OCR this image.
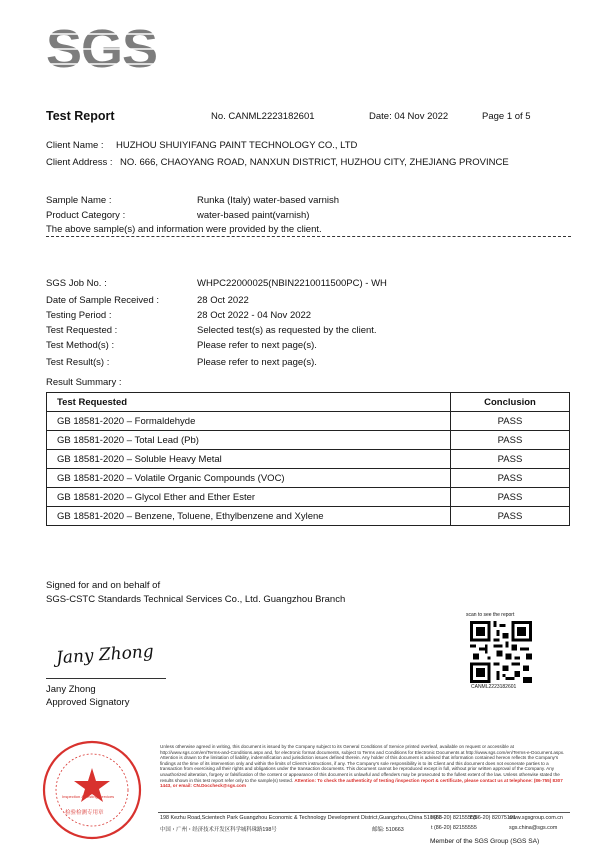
SGS
Test Report	No. CANML2223182601	Date: 04 Nov 2022	Page 1 of 5
Client Name : HUZHOU SHUIYIFANG PAINT TECHNOLOGY CO., LTD
Client Address : NO. 666, CHAOYANG ROAD, NANXUN DISTRICT, HUZHOU CITY, ZHEJIANG PROVINCE
Sample Name :	Runka (Italy) water-based varnish
Product Category :	water-based paint(varnish)
The above sample(s) and information were provided by the client.
SGS Job No. :	WHPC22000025(NBIN2210011500PC) - WH
Date of Sample Received :	28 Oct 2022
Testing Period :	28 Oct 2022 - 04 Nov 2022
Test Requested :	Selected test(s) as requested by the client.
Test Method(s) :	Please refer to next page(s).
Test Result(s) :	Please refer to next page(s).
Result Summary :
Test Requested	Conclusion
GB 18581-2020 – Formaldehyde	PASS
GB 18581-2020 – Total Lead (Pb)	PASS
GB 18581-2020 – Soluble Heavy Metal	PASS
GB 18581-2020 – Volatile Organic Compounds (VOC)	PASS
GB 18581-2020 – Glycol Ether and Ether Ester	PASS
GB 18581-2020 – Benzene, Toluene, Ethylbenzene and Xylene	PASS
Signed for and on behalf of
SGS-CSTC Standards Technical Services Co., Ltd. Guangzhou Branch
Jany Zhong
Jany Zhong
Approved Signatory
scan to see the report
CANML2223182601
检验检测专用章
Inspection & Testing Services
Unless otherwise agreed in writing, this document is issued by the Company subject to its General Conditions of Service printed overleaf, available on request or accessible at http://www.sgs.com/en/Terms-and-Conditions.aspx and, for electronic format documents, subject to Terms and Conditions for Electronic Documents at http://www.sgs.com/en/Terms-e-Document.aspx. Attention is drawn to the limitation of liability, indemnification and jurisdiction issues defined therein. Any holder of this document is advised that information contained hereon reflects the Company's findings at the time of its intervention only and within the limits of Client's instructions, if any. The Company's sole responsibility is to its Client and this document does not exonerate parties to a transaction from exercising all their rights and obligations under the transaction documents. This document cannot be reproduced except in full, without prior written approval of the Company. Any unauthorized alteration, forgery or falsification of the content or appearance of this document is unlawful and offenders may be prosecuted to the fullest extent of the law. Unless otherwise stated the results shown in this test report refer only to the sample(s) tested. Attention: To check the authenticity of testing /inspection report & certificate, please contact us at telephone: (86-755) 8307 1443, or email: CN.Doccheck@sgs.com
198 Kezhu Road,Scientech Park Guangzhou Economic & Technology Development District,Guangzhou,China 510663
t (86-20) 82155555
f (86-20) 82075191
www.sgsgroup.com.cn
中国・广州・经济技术开发区科学城科珠路198号	邮编: 510663	t (86-20) 82155555	sgs.china@sgs.com
Member of the SGS Group (SGS SA)
